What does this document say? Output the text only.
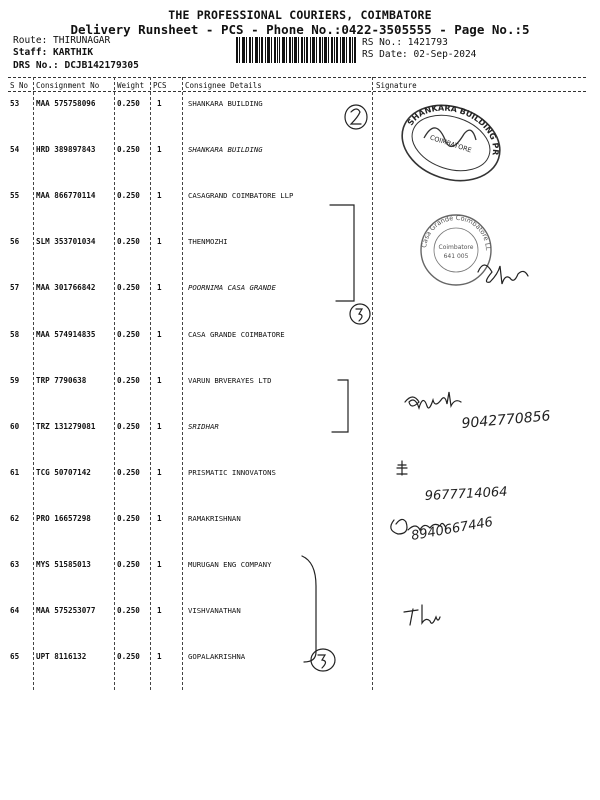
THE PROFESSIONAL COURIERS, COIMBATORE
Delivery Runsheet - PCS - Phone No.:0422-3505555 - Page No.:5
Route: THIRUNAGAR
Staff: KARTHIK
DRS No.: DCJB142179305
RS No.: 1421793
RS Date: 02-Sep-2024
S No Consignment No Weight PCS Consignee Details	Signature
53 MAA 575758096	0.250 1	SHANKARA BUILDING
54 HRD 389897843	0.250 1	SHANKARA BUILDING
55 MAA 866770114	0.250 1	CASAGRAND COIMBATORE LLP
56 SLM 353701034	0.250 1	THENMOZHI
57 MAA 301766842	0.250 1	POORNIMA CASA GRANDE
58 MAA 574914835	0.250 1	CASA GRANDE COIMBATORE
59 TRP 7790638	0.250 1	VARUN BRVERAYES LTD
60 TRZ 131279081	0.250 1	SRIDHAR
61 TCG 50707142	0.250 1	PRISMATIC INNOVATONS
62 PRO 16657298	0.250 1	RAMAKRISHNAN
63 MYS 51585013	0.250 1	MURUGAN ENG COMPANY
64 MAA 575253077	0.250 1	VISHVANATHAN
65 UPT 8116132	0.250 1	GOPALAKRISHNA
SHANKARA BUILDING PRODUCTS
COIMBATORE
Casa Grande Coimbatore LL
Coimbatore
641 005
9042770856
9677714064
8940667446
